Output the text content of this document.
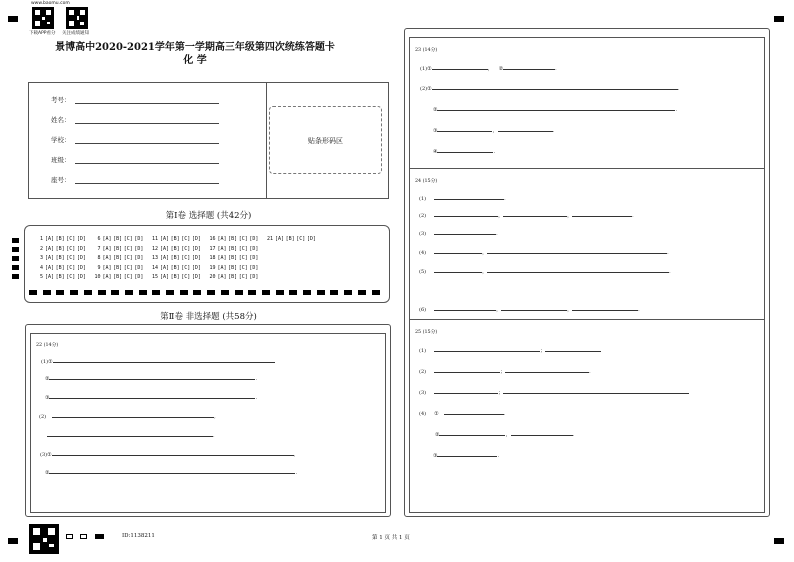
www.baomu.com
下载APP看分 关注成绩通知
景博高中2020-2021学年第一学期高三年级第四次统练答题卡
化 学
考号：
姓名：
学校：
班级：
座号：
贴条形码区
第Ⅰ卷 选择题 (共42分)
1 [A] [B] [C] [D] 6 [A] [B] [C] [D] 11 [A] [B] [C] [D] 16 [A] [B] [C] [D] 21 [A] [B] [C] [D]
2 [A] [B] [C] [D] 7 [A] [B] [C] [D] 12 [A] [B] [C] [D] 17 [A] [B] [C] [D]
3 [A] [B] [C] [D] 8 [A] [B] [C] [D] 13 [A] [B] [C] [D] 18 [A] [B] [C] [D]
4 [A] [B] [C] [D] 9 [A] [B] [C] [D] 14 [A] [B] [C] [D] 19 [A] [B] [C] [D]
5 [A] [B] [C] [D] 10 [A] [B] [C] [D] 15 [A] [B] [C] [D] 20 [A] [B] [C] [D]
第Ⅱ卷 非选择题 (共58分)
22 (14分)
(1)①
②	.
③	.
(2)	,
.
(3)①	,
②	.
23 (14分)
(1)①	， ②	.
(2)①	.
②	.
③	，	.
④	.
24 (15分)
(1)	.
(2)	，	，	.
(3)	.
(4)	，	.
(5)	，	.
(6)	，	，	.
25 (15分)
(1)	；
(2)	；	.
(3)	；
(4) ①	.
②	，	.
③	.
ID:1138211	第 1 页 共 1 页
